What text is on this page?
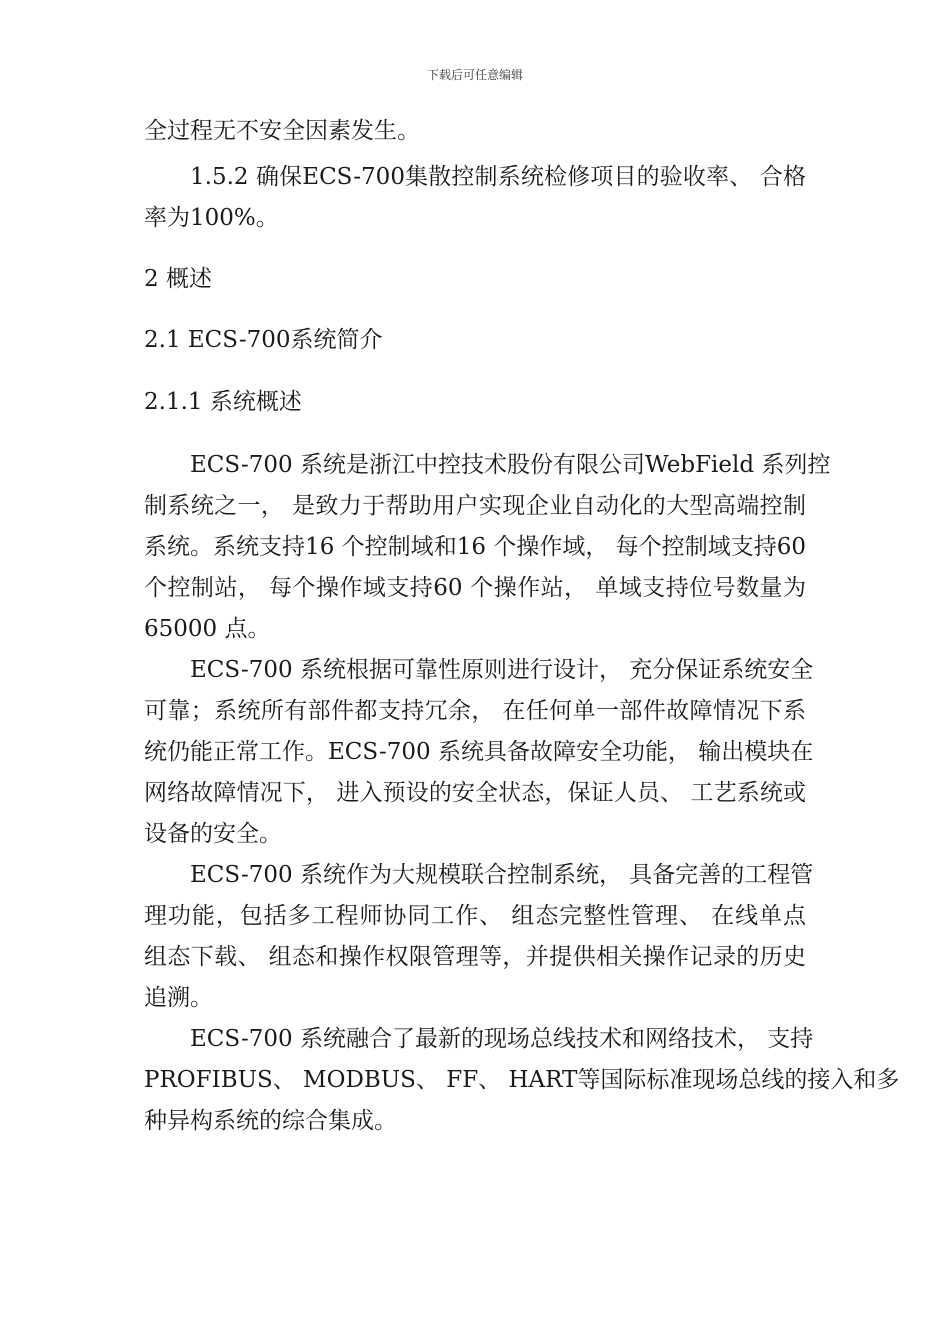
下载后可任意编辑
全过程无不安全因素发生。
1.5.2 确保ECS-700集散控制系统检修项目的验收率、 合格
率为100%。
2 概述
2.1 ECS-700系统简介
2.1.1 系统概述
ECS-700 系统是浙江中控技术股份有限公司WebField 系列控
制系统之一， 是致力于帮助用户实现企业自动化的大型高端控制
系统。系统支持16 个控制域和16 个操作域， 每个控制域支持60
个控制站， 每个操作域支持60 个操作站， 单域支持位号数量为
65000 点。
ECS-700 系统根据可靠性原则进行设计， 充分保证系统安全
可靠；系统所有部件都支持冗余， 在任何单一部件故障情况下系
统仍能正常工作。ECS-700 系统具备故障安全功能， 输出模块在
网络故障情况下， 进入预设的安全状态，保证人员、 工艺系统或
设备的安全。
ECS-700 系统作为大规模联合控制系统， 具备完善的工程管
理功能，包括多工程师协同工作、 组态完整性管理、 在线单点
组态下载、 组态和操作权限管理等，并提供相关操作记录的历史
追溯。
ECS-700 系统融合了最新的现场总线技术和网络技术， 支持
PROFIBUS、 MODBUS、 FF、 HART等国际标准现场总线的接入和多
种异构系统的综合集成。
